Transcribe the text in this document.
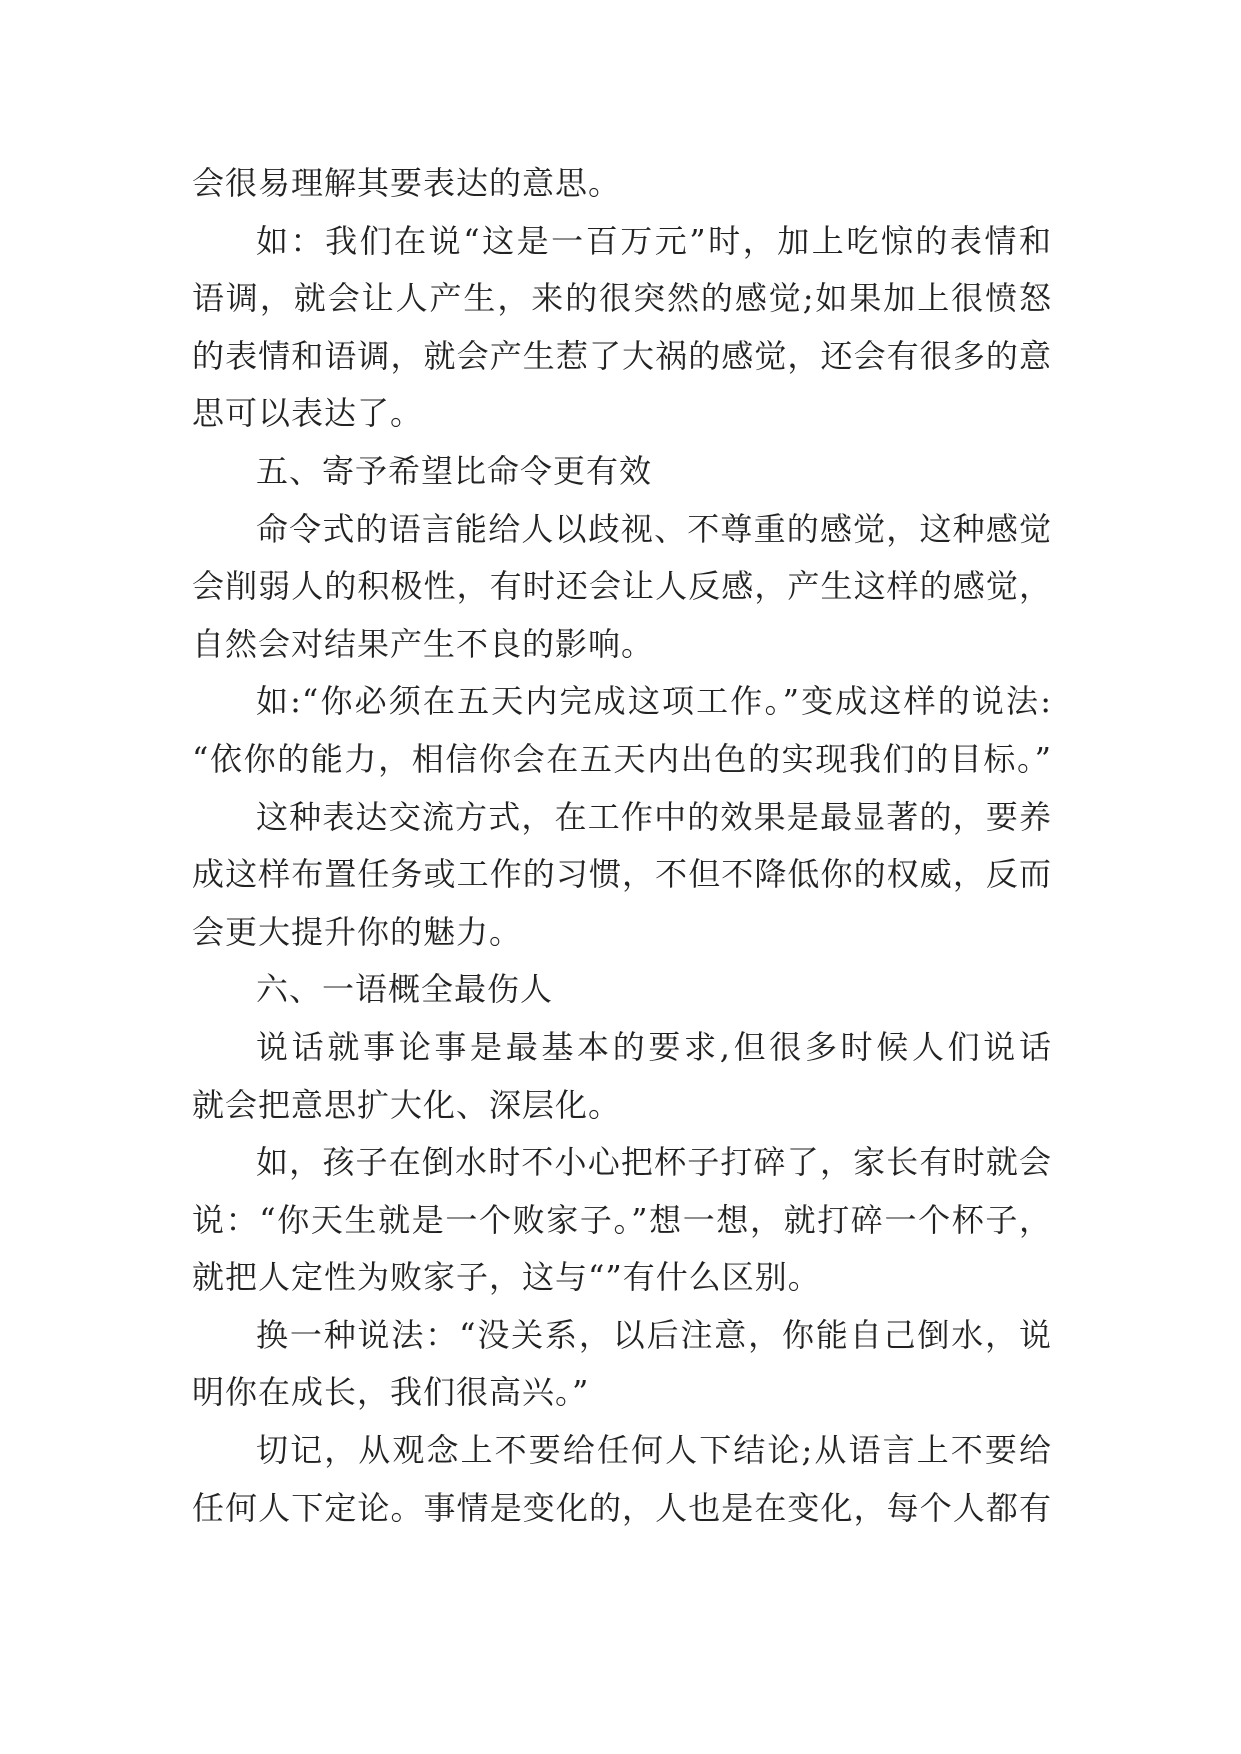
会很易理解其要表达的意思。
如：我们在说“这是一百万元”时，加上吃惊的表情和
语调，就会让人产生，来的很突然的感觉;如果加上很愤怒
的表情和语调，就会产生惹了大祸的感觉，还会有很多的意
思可以表达了。
五、寄予希望比命令更有效
命令式的语言能给人以歧视、不尊重的感觉，这种感觉
会削弱人的积极性，有时还会让人反感，产生这样的感觉，
自然会对结果产生不良的影响。
如:“你必须在五天内完成这项工作。”变成这样的说法:
“依你的能力，相信你会在五天内出色的实现我们的目标。”
这种表达交流方式，在工作中的效果是最显著的，要养
成这样布置任务或工作的习惯，不但不降低你的权威，反而
会更大提升你的魅力。
六、一语概全最伤人
说话就事论事是最基本的要求,但很多时候人们说话
就会把意思扩大化、深层化。
如，孩子在倒水时不小心把杯子打碎了，家长有时就会
说：“你天生就是一个败家子。”想一想，就打碎一个杯子，
就把人定性为败家子，这与“”有什么区别。
换一种说法：“没关系，以后注意，你能自己倒水，说
明你在成长，我们很高兴。”
切记，从观念上不要给任何人下结论;从语言上不要给
任何人下定论。事情是变化的，人也是在变化，每个人都有
